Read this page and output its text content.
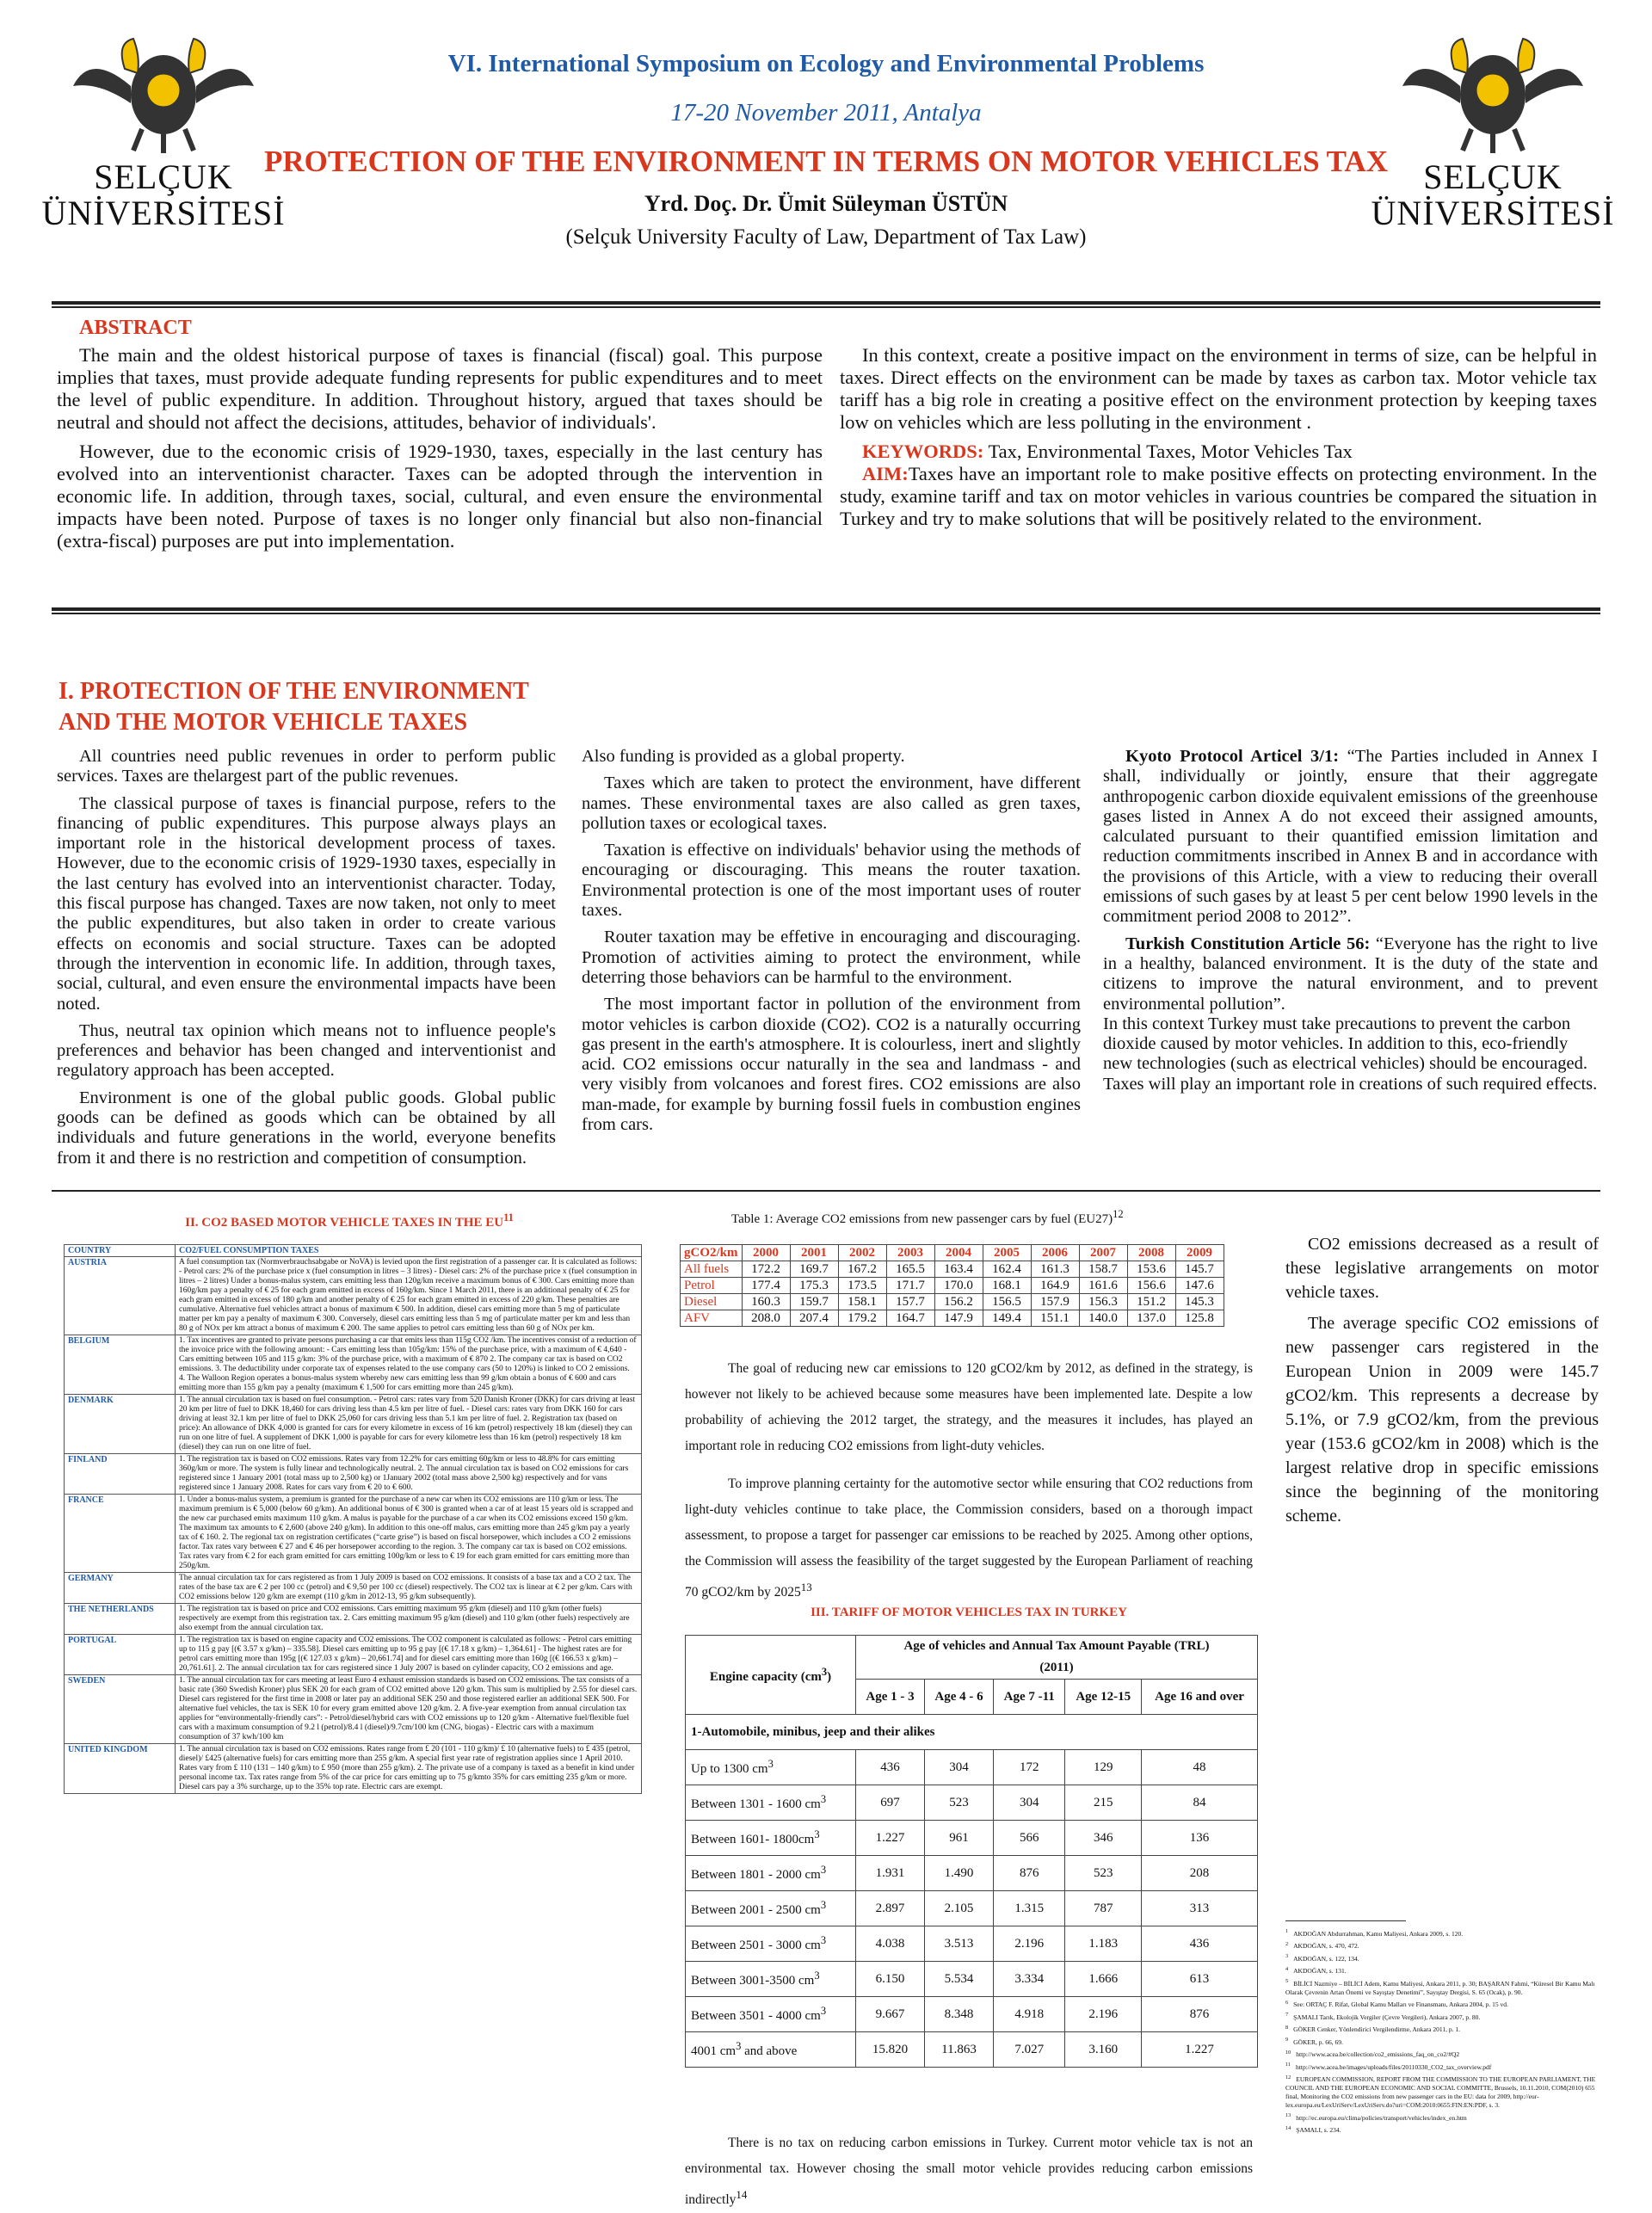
SELÇUK
ÜNİVERSİTESİ
SELÇUK
ÜNİVERSİTESİ
VI. International Symposium on Ecology and Environmental Problems
17-20 November 2011, Antalya
PROTECTION OF THE ENVIRONMENT IN TERMS ON MOTOR VEHICLES TAX
Yrd. Doç. Dr. Ümit Süleyman ÜSTÜN
(Selçuk University Faculty of Law, Department of Tax Law)
ABSTRACT

The main and the oldest historical purpose of taxes is financial (fiscal) goal. This purpose implies that taxes, must provide adequate funding represents for public expenditures and to meet the level of public expenditure. In addition. Throughout history, argued that taxes should be neutral and should not affect the decisions, attitudes, behavior of individuals'.

However, due to the economic crisis of 1929-1930, taxes, especially in the last century has evolved into an interventionist character. Taxes can be adopted through the intervention in economic life. In addition, through taxes, social, cultural, and even ensure the environmental impacts have been noted. Purpose of taxes is no longer only financial but also non-financial (extra-fiscal) purposes are put into implementation.

In this context, create a positive impact on the environment in terms of size, can be helpful in taxes. Direct effects on the environment can be made by taxes as carbon tax. Motor vehicle tax tariff has a big role in creating a positive effect on the environment protection by keeping taxes low on vehicles which are less polluting in the environment .

KEYWORDS: Tax, Environmental Taxes, Motor Vehicles Tax

AIM:Taxes have an important role to make positive effects on protecting environment. In the study, examine tariff and tax on motor vehicles in various countries be compared the situation in Turkey and try to make solutions that will be positively related to the environment.

I. PROTECTION OF THE ENVIRONMENT
AND THE MOTOR VEHICLE TAXES

All countries need public revenues in order to perform public services. Taxes are thelargest part of the public revenues.

The classical purpose of taxes is financial purpose, refers to the financing of public expenditures. This purpose always plays an important role in the historical development process of taxes. However, due to the economic crisis of 1929-1930 taxes, especially in the last century has evolved into an interventionist character. Today, this fiscal purpose has changed. Taxes are now taken, not only to meet the public expenditures, but also taken in order to create various effects on economis and social structure. Taxes can be adopted through the intervention in economic life. In addition, through taxes, social, cultural, and even ensure the environmental impacts have been noted.

Thus, neutral tax opinion which means not to influence people's preferences and behavior has been changed and interventionist and regulatory approach has been accepted.

Environment is one of the global public goods. Global public goods can be defined as goods which can be obtained by all individuals and future generations in the world, everyone benefits from it and there is no restriction and competition of consumption.

Also funding is provided as a global property.

Taxes which are taken to protect the environment, have different names. These environmental taxes are also called as gren taxes, pollution taxes or ecological taxes.

Taxation is effective on individuals' behavior using the methods of encouraging or discouraging. This means the router taxation. Environmental protection is one of the most important uses of router taxes.

Router taxation may be effetive in encouraging and discouraging. Promotion of activities aiming to protect the environment, while deterring those behaviors can be harmful to the environment.

The most important factor in pollution of the environment from motor vehicles is carbon dioxide (CO2). CO2 is a naturally occurring gas present in the earth's atmosphere. It is colourless, inert and slightly acid. CO2 emissions occur naturally in the sea and landmass - and very visibly from volcanoes and forest fires. CO2 emissions are also man-made, for example by burning fossil fuels in combustion engines from cars.

Kyoto Protocol Articel 3/1: “The Parties included in Annex I shall, individually or jointly, ensure that their aggregate anthropogenic carbon dioxide equivalent emissions of the greenhouse gases listed in Annex A do not exceed their assigned amounts, calculated pursuant to their quantified emission limitation and reduction commitments inscribed in Annex B and in accordance with the provisions of this Article, with a view to reducing their overall emissions of such gases by at least 5 per cent below 1990 levels in the commitment period 2008 to 2012”.

Turkish Constitution Article 56: “Everyone has the right to live in a healthy, balanced environment. It is the duty of the state and citizens to improve the natural environment, and to prevent environmental pollution”.

In this context Turkey must take precautions to prevent the carbon dioxide caused by motor vehicles. In addition to this, eco-friendly new technologies (such as electrical vehicles) should be encouraged. Taxes will play an important role in creations of such required effects.

II. CO2 BASED MOTOR VEHICLE TAXES IN THE EU$^{11}$
COUNTRY	CO2/FUEL CONSUMPTION TAXES
AUSTRIA	A fuel consumption tax (Normverbrauchsabgabe or NoVA) is levied upon the first registration of a passenger car. It is calculated as follows: - Petrol cars: 2% of the purchase price x (fuel consumption in litres – 3 litres) - Diesel cars: 2% of the purchase price x (fuel consumption in litres – 2 litres) Under a bonus-malus system, cars emitting less than 120g/km receive a maximum bonus of € 300. Cars emitting more than 160g/km pay a penalty of € 25 for each gram emitted in excess of 160g/km. Since 1 March 2011, there is an additional penalty of € 25 for each gram emitted in excess of 180 g/km and another penalty of € 25 for each gram emitted in excess of 220 g/km. These penalties are cumulative. Alternative fuel vehicles attract a bonus of maximum € 500. In addition, diesel cars emitting more than 5 mg of particulate matter per km pay a penalty of maximum € 300. Conversely, diesel cars emitting less than 5 mg of particulate matter per km and less than 80 g of NOx per km attract a bonus of maximum € 200. The same applies to petrol cars emitting less than 60 g of NOx per km.
BELGIUM	1. Tax incentives are granted to private persons purchasing a car that emits less than 115g CO2 /km. The incentives consist of a reduction of the invoice price with the following amount: - Cars emitting less than 105g/km: 15% of the purchase price, with a maximum of € 4,640 - Cars emitting between 105 and 115 g/km: 3% of the purchase price, with a maximum of € 870 2. The company car tax is based on CO2 emissions. 3. The deductibility under corporate tax of expenses related to the use company cars (50 to 120%) is linked to CO 2 emissions. 4. The Walloon Region operates a bonus-malus system whereby new cars emitting less than 99 g/km obtain a bonus of € 600 and cars emitting more than 155 g/km pay a penalty (maximum € 1,500 for cars emitting more than 245 g/km).
DENMARK	1. The annual circulation tax is based on fuel consumption. - Petrol cars: rates vary from 520 Danish Kroner (DKK) for cars driving at least 20 km per litre of fuel to DKK 18,460 for cars driving less than 4.5 km per litre of fuel. - Diesel cars: rates vary from DKK 160 for cars driving at least 32.1 km per litre of fuel to DKK 25,060 for cars driving less than 5.1 km per litre of fuel. 2. Registration tax (based on price): An allowance of DKK 4,000 is granted for cars for every kilometre in excess of 16 km (petrol) respectively 18 km (diesel) they can run on one litre of fuel. A supplement of DKK 1,000 is payable for cars for every kilometre less than 16 km (petrol) respectively 18 km (diesel) they can run on one litre of fuel.
FINLAND	1. The registration tax is based on CO2 emissions. Rates vary from 12.2% for cars emitting 60g/km or less to 48.8% for cars emitting 360g/km or more. The system is fully linear and technologically neutral. 2. The annual circulation tax is based on CO2 emissions for cars registered since 1 January 2001 (total mass up to 2,500 kg) or 1January 2002 (total mass above 2,500 kg) respectively and for vans registered since 1 January 2008. Rates for cars vary from € 20 to € 600.
FRANCE	1. Under a bonus-malus system, a premium is granted for the purchase of a new car when its CO2 emissions are 110 g/km or less. The maximum premium is € 5,000 (below 60 g/km). An additional bonus of € 300 is granted when a car of at least 15 years old is scrapped and the new car purchased emits maximum 110 g/km. A malus is payable for the purchase of a car when its CO2 emissions exceed 150 g/km. The maximum tax amounts to € 2,600 (above 240 g/km). In addition to this one-off malus, cars emitting more than 245 g/km pay a yearly tax of € 160. 2. The regional tax on registration certificates (“carte grise”) is based on fiscal horsepower, which includes a CO 2 emissions factor. Tax rates vary between € 27 and € 46 per horsepower according to the region. 3. The company car tax is based on CO2 emissions. Tax rates vary from € 2 for each gram emitted for cars emitting 100g/km or less to € 19 for each gram emitted for cars emitting more than 250g/km.
GERMANY	The annual circulation tax for cars registered as from 1 July 2009 is based on CO2 emissions. It consists of a base tax and a CO 2 tax. The rates of the base tax are € 2 per 100 cc (petrol) and € 9,50 per 100 cc (diesel) respectively. The CO2 tax is linear at € 2 per g/km. Cars with CO2 emissions below 120 g/km are exempt (110 g/km in 2012-13, 95 g/km subsequently).
THE NETHERLANDS	1. The registration tax is based on price and CO2 emissions. Cars emitting maximum 95 g/km (diesel) and 110 g/km (other fuels) respectively are exempt from this registration tax. 2. Cars emitting maximum 95 g/km (diesel) and 110 g/km (other fuels) respectively are also exempt from the annual circulation tax.
PORTUGAL	1. The registration tax is based on engine capacity and CO2 emissions. The CO2 component is calculated as follows: - Petrol cars emitting up to 115 g pay [(€ 3.57 x g/km) – 335.58]. Diesel cars emitting up to 95 g pay [(€ 17.18 x g/km) – 1,364.61] - The highest rates are for petrol cars emitting more than 195g [(€ 127.03 x g/km) – 20,661.74] and for diesel cars emitting more than 160g [(€ 166.53 x g/km) – 20,761.61]. 2. The annual circulation tax for cars registered since 1 July 2007 is based on cylinder capacity, CO 2 emissions and age.
SWEDEN	1. The annual circulation tax for cars meeting at least Euro 4 exhaust emission standards is based on CO2 emissions. The tax consists of a basic rate (360 Swedish Kroner) plus SEK 20 for each gram of CO2 emitted above 120 g/km. This sum is multiplied by 2.55 for diesel cars. Diesel cars registered for the first time in 2008 or later pay an additional SEK 250 and those registered earlier an additional SEK 500. For alternative fuel vehicles, the tax is SEK 10 for every gram emitted above 120 g/km. 2. A five-year exemption from annual circulation tax applies for “environmentally-friendly cars”: - Petrol/diesel/hybrid cars with CO2 emissions up to 120 g/km - Alternative fuel/flexible fuel cars with a maximum consumption of 9.2 l (petrol)/8.4 l (diesel)/9.7cm/100 km (CNG, biogas) - Electric cars with a maximum consumption of 37 kwh/100 km
UNITED KINGDOM	1. The annual circulation tax is based on CO2 emissions. Rates range from £ 20 (101 - 110 g/km)/ £ 10 (alternative fuels) to £ 435 (petrol, diesel)/ £425 (alternative fuels) for cars emitting more than 255 g/km. A special first year rate of registration applies since 1 April 2010. Rates vary from £ 110 (131 – 140 g/km) to £ 950 (more than 255 g/km). 2. The private use of a company is taxed as a benefit in kind under personal income tax. Tax rates range from 5% of the car price for cars emitting up to 75 g/kmto 35% for cars emitting 235 g/km or more. Diesel cars pay a 3% surcharge, up to the 35% top rate. Electric cars are exempt.
Table 1: Average CO2 emissions from new passenger cars by fuel $(EU27)^{12}$
gCO2/km	2000	2001	2002	2003	2004	2005	2006	2007	2008	2009
All fuels	172.2	169.7	167.2	165.5	163.4	162.4	161.3	158.7	153.6	145.7
Petrol	177.4	175.3	173.5	171.7	170.0	168.1	164.9	161.6	156.6	147.6
Diesel	160.3	159.7	158.1	157.7	156.2	156.5	157.9	156.3	151.2	145.3
AFV	208.0	207.4	179.2	164.7	147.9	149.4	151.1	140.0	137.0	125.8

The goal of reducing new car emissions to 120 gCO2/km by 2012, as defined in the strategy, is however not likely to be achieved because some measures have been implemented late. Despite a low probability of achieving the 2012 target, the strategy, and the measures it includes, has played an important role in reducing CO2 emissions from light-duty vehicles.

To improve planning certainty for the automotive sector while ensuring that CO2 reductions from light-duty vehicles continue to take place, the Commission considers, based on a thorough impact assessment, to propose a target for passenger car emissions to be reached by 2025. Among other options, the Commission will assess the feasibility of the target suggested by the European Parliament of reaching 70 gCO2/km by 2025$^{13}$

III. TARIFF OF MOTOR VEHICLES TAX IN TURKEY
Engine capacity $(cm^3)$	Age of vehicles and Annual Tax Amount Payable (TRL)
(2011)				

	Age 1 - 3	Age 4 - 6	Age 7 -11	Age 12-15	Age 16 and over
1-Automobile, minibus, jeep and their alikes					
Up to 1300 $cm^3$	436	304	172	129	48
Between 1301 - 1600 $cm^3$	697	523	304	215	84
Between 1601- $1800cm^3$	1.227	961	566	346	136
Between 1801 - 2000 $cm^3$	1.931	1.490	876	523	208
Between 2001 - 2500 $cm^3$	2.897	2.105	1.315	787	313
Between 2501 - 3000 $cm^3$	4.038	3.513	2.196	1.183	436
Between 3001-3500 $cm^3$	6.150	5.534	3.334	1.666	613
Between 3501 - 4000 $cm^3$	9.667	8.348	4.918	2.196	876
4001 $cm^3$ and above	15.820	11.863	7.027	3.160	1.227

There is no tax on reducing carbon emissions in Turkey. Current motor vehicle tax is not an environmental tax. However chosing the small motor vehicle provides reducing carbon emissions indirectly$^{14}$

CO2 emissions decreased as a result of these legislative arrangements on motor vehicle taxes.

The average specific CO2 emissions of new passenger cars registered in the European Union in 2009 were 145.7 gCO2/km. This represents a decrease by 5.1%, or 7.9 gCO2/km, from the previous year (153.6 gCO2/km in 2008) which is the largest relative drop in specific emissions since the beginning of the monitoring scheme.

$^1$ AKDOĞAN Abdurrahman, Kamu Maliyesi, Ankara 2009, s. 120.
$^2$ AKDOĞAN, s. 470, 472.
$^3$ AKDOĞAN, s. 122, 134.
$^4$ AKDOĞAN, s. 131.
$^5$ BİLİCİ Nazmiye – BİLİCİ Adem, Kamu Maliyesi, Ankara 2011, p. 30; BAŞARAN Fahmi, “Küresel Bir Kamu Malı Olarak Çevrenin Artan Önemi ve Sayıştay Denetimi”, Sayıştay Dergisi, S. 65 (Ocak), p. 90.
$^6$ See: ORTAÇ F. Rifat, Global Kamu Malları ve Finansmanı, Ankara 2004, p. 15 vd.
$^7$ ŞAMALI Tarık, Ekolojik Vergiler (Çevre Vergileri), Ankara 2007, p. 80.
$^8$ GÖKER Cenker, Yönlendirici Vergilendirme, Ankara 2011, p. 1.
$^9$ GÖKER, p. 66, 69.
$^{10}$ http://www.acea.be/collection/co2_emissions_faq_on_co2/#Q2
$^{11}$ http://www.acea.be/images/uploads/files/20110330_CO2_tax_overview.pdf
$^{12}$ EUROPEAN COMMISSION, REPORT FROM THE COMMISSION TO THE EUROPEAN PARLIAMENT, THE COUNCIL AND THE EUROPEAN ECONOMIC AND SOCIAL COMMITTE, Brussels, 10.11.2010, COM(2010) 655 final, Monitoring the CO2 emissions from new passenger cars in the EU: data for 2009, http://eur-lex.europa.eu/LexUriServ/LexUriServ.do?uri=COM:2010:0655:FIN:EN:PDF, s. 3.
$^{13}$ http://ec.europa.eu/clima/policies/transport/vehicles/index_en.htm
$^{14}$ ŞAMALI, s. 234.
